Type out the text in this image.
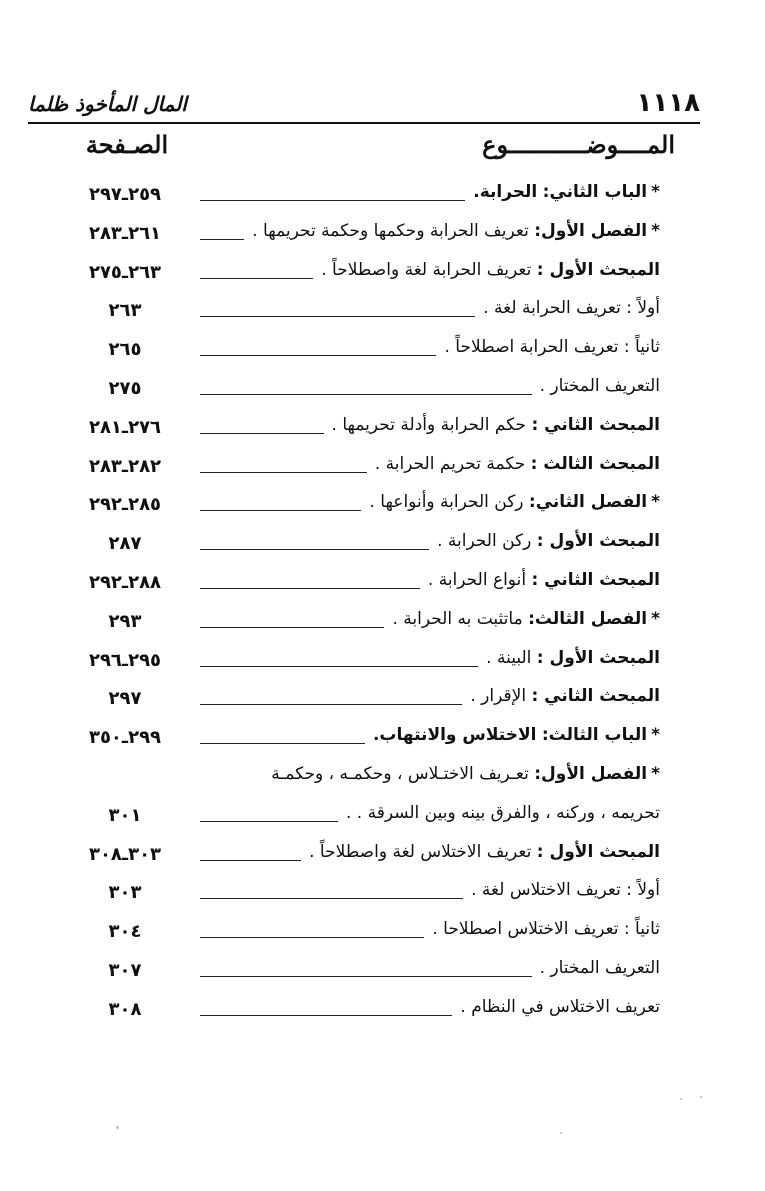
١١١٨
المال المأخوذ ظلما
المــــوضـــــــــــوع
الصـفحة
*الباب الثاني: الحرابة.
٢٥٩ـ٢٩٧
*الفصل الأول: تعريف الحرابة وحكمها وحكمة تحريمها .
٢٦١ـ٢٨٣
المبحث الأول : تعريف الحرابة لغة واصطلاحاً .
٢٦٣ـ٢٧٥
أولاً : تعريف الحرابة لغة .
٢٦٣
ثانياً : تعريف الحرابة اصطلاحاً .
٢٦٥
التعريف المختار .
٢٧٥
المبحث الثاني : حكم الحرابة وأدلة تحريمها .
٢٧٦ـ٢٨١
المبحث الثالث : حكمة تحريم الحرابة .
٢٨٢ـ٢٨٣
*الفصل الثاني: ركن الحرابة وأنواعها .
٢٨٥ـ٢٩٢
المبحث الأول : ركن الحرابة .
٢٨٧
المبحث الثاني : أنواع الحرابة .
٢٨٨ـ٢٩٢
*الفصل الثالث: ماتثبت به الحرابة .
٢٩٣
المبحث الأول : البينة .
٢٩٥ـ٢٩٦
المبحث الثاني : الإقرار .
٢٩٧
*الباب الثالث: الاختلاس والانتهاب.
٢٩٩ـ٣٥٠
*الفصل الأول: تعـريف الاختـلاس ، وحكمـه ، وحكمـة
تحريمه ، وركنه ، والفرق بينه وبين السرقة . .
٣٠١
المبحث الأول : تعريف الاختلاس لغة واصطلاحاً .
٣٠٣ـ٣٠٨
أولاً : تعريف الاختلاس لغة .
٣٠٣
ثانياً : تعريف الاختلاس اصطلاحا .
٣٠٤
التعريف المختار .
٣٠٧
تعريف الاختلاس في النظام .
٣٠٨
